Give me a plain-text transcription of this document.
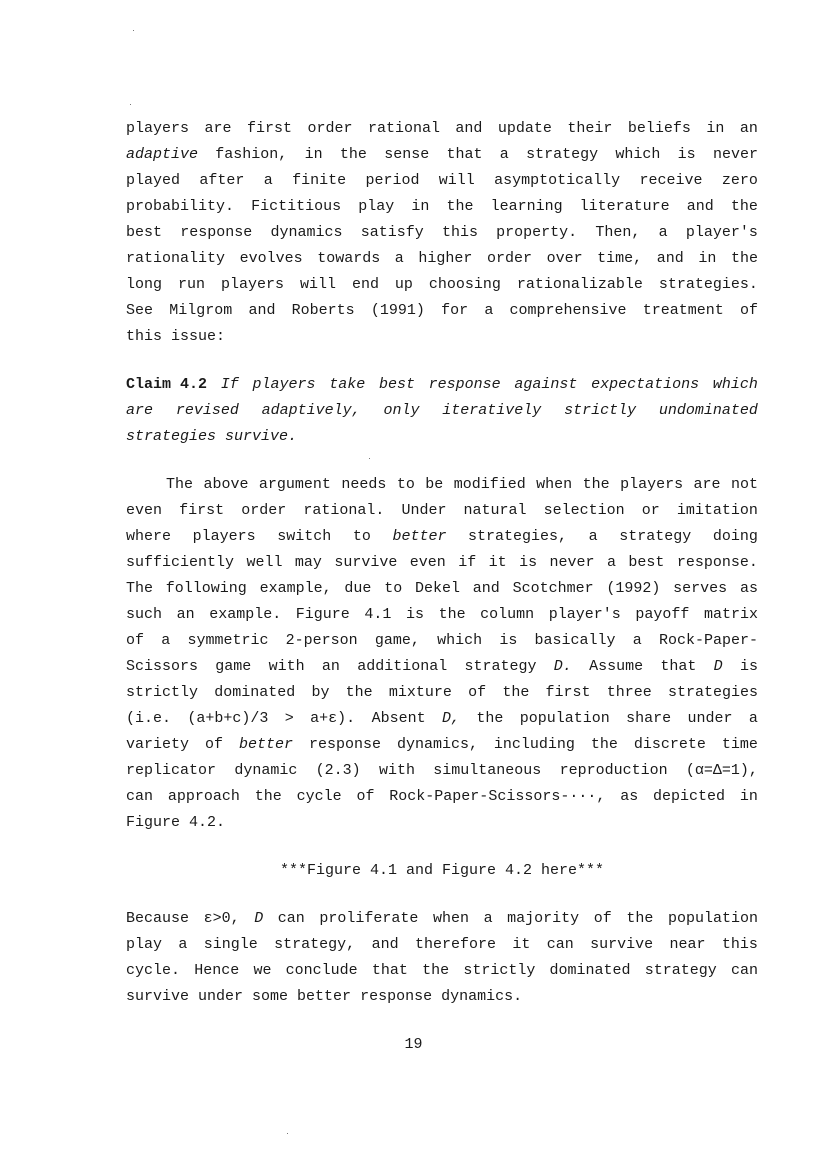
players are first order rational and update their beliefs in an
adaptive fashion, in the sense that a strategy which is never
played after a finite period will asymptotically receive zero
probability. Fictitious play in the learning literature and the
best response dynamics satisfy this property. Then, a player's
rationality evolves towards a higher order over time, and in the
long run players will end up choosing rationalizable strategies.
See Milgrom and Roberts (1991) for a comprehensive treatment of
this issue:
Claim 4.2 If players take best response against expectations which
are revised adaptively, only iteratively strictly undominated
strategies survive.
The above argument needs to be modified when the players are not
even first order rational. Under natural selection or imitation
where players switch to better strategies, a strategy doing
sufficiently well may survive even if it is never a best response.
The following example, due to Dekel and Scotchmer (1992) serves as
such an example. Figure 4.1 is the column player's payoff matrix
of a symmetric 2-person game, which is basically a Rock-Paper-
Scissors game with an additional strategy D. Assume that D is
strictly dominated by the mixture of the first three strategies
(i.e. (a+b+c)/3 > a+ε). Absent D, the population share under a
variety of better response dynamics, including the discrete time
replicator dynamic (2.3) with simultaneous reproduction (α=Δ=1),
can approach the cycle of Rock-Paper-Scissors-···, as depicted in
Figure 4.2.
***Figure 4.1 and Figure 4.2 here***
Because ε>0, D can proliferate when a majority of the population
play a single strategy, and therefore it can survive near this
cycle. Hence we conclude that the strictly dominated strategy can
survive under some better response dynamics.
19
